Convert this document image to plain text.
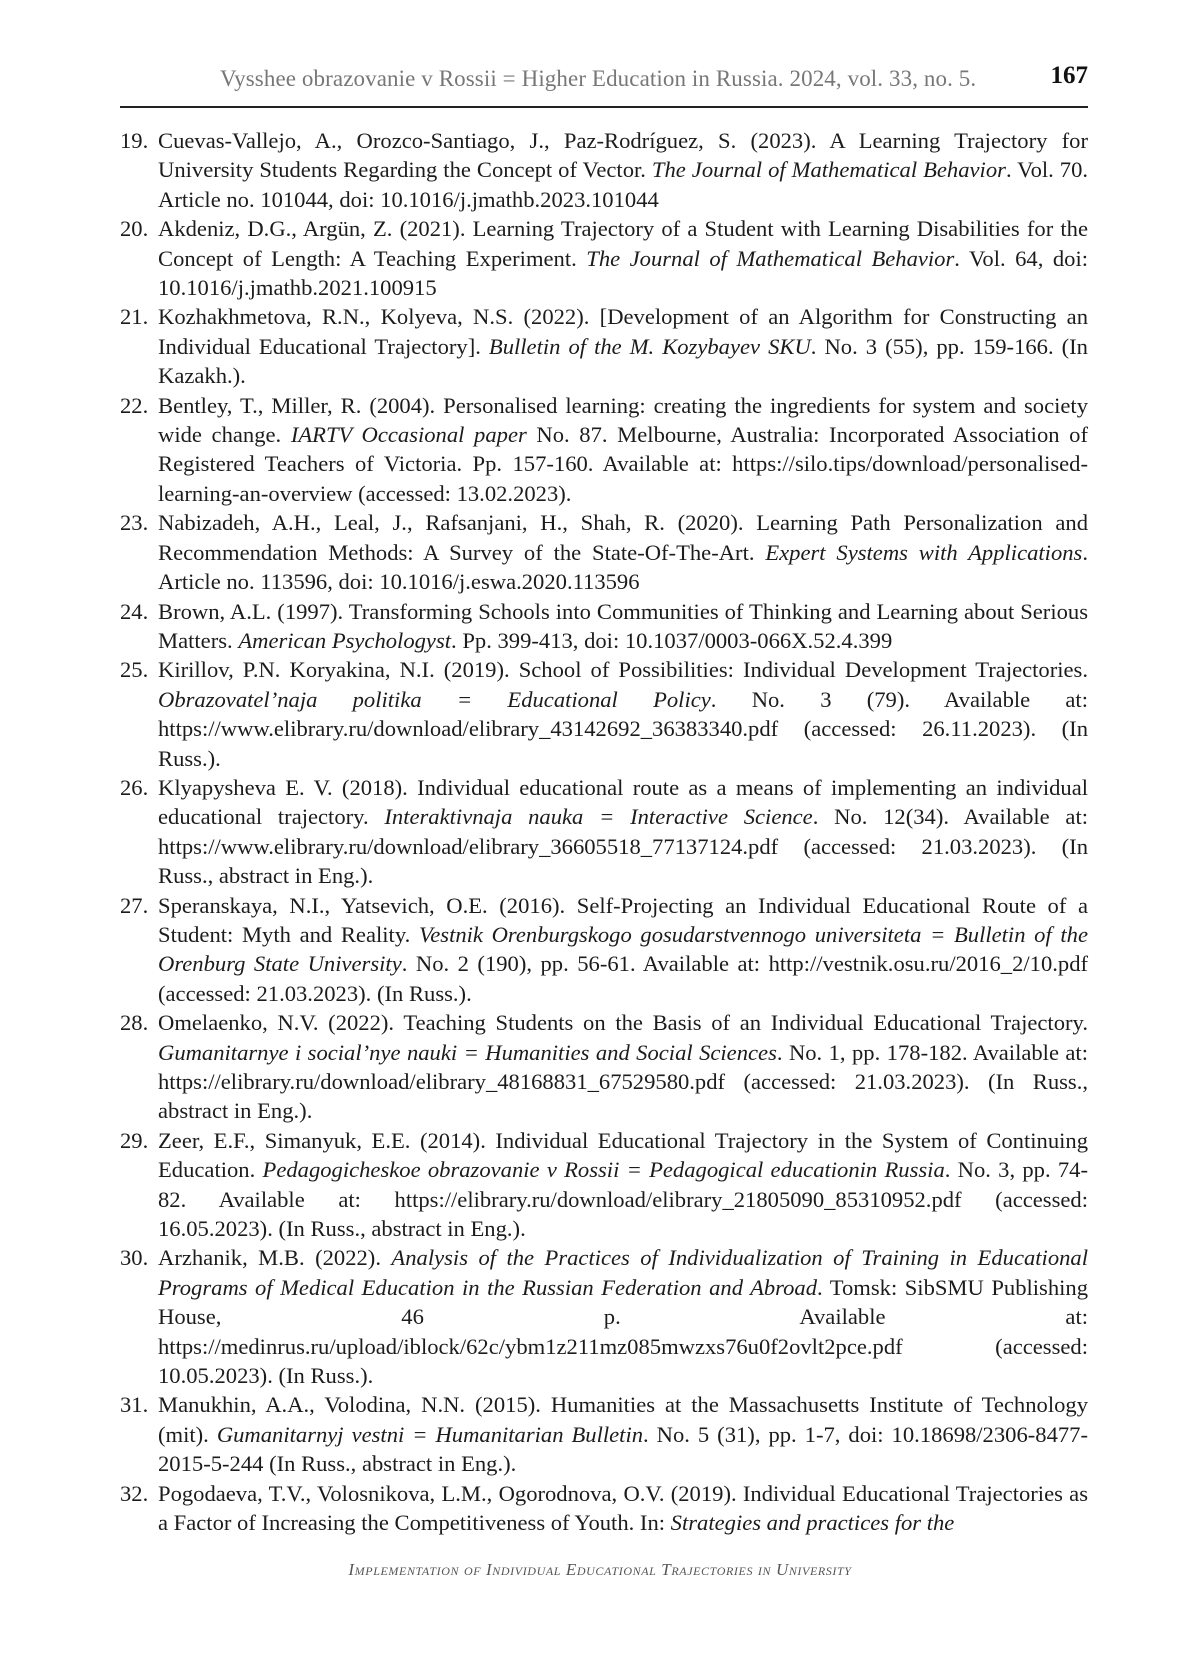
Vysshee obrazovanie v Rossii = Higher Education in Russia. 2024, vol. 33, no. 5.	167
19. Cuevas-Vallejo, A., Orozco-Santiago, J., Paz-Rodríguez, S. (2023). A Learning Trajectory for University Students Regarding the Concept of Vector. The Journal of Mathematical Behavior. Vol. 70. Article no. 101044, doi: 10.1016/j.jmathb.2023.101044
20. Akdeniz, D.G., Argün, Z. (2021). Learning Trajectory of a Student with Learning Disabilities for the Concept of Length: A Teaching Experiment. The Journal of Mathematical Behavior. Vol. 64, doi: 10.1016/j.jmathb.2021.100915
21. Kozhakhmetova, R.N., Kolyeva, N.S. (2022). [Development of an Algorithm for Constructing an Individual Educational Trajectory]. Bulletin of the M. Kozybayev SKU. No. 3 (55), pp. 159-166. (In Kazakh.).
22. Bentley, T., Miller, R. (2004). Personalised learning: creating the ingredients for system and society wide change. IARTV Occasional paper No. 87. Melbourne, Australia: Incorporated Association of Registered Teachers of Victoria. Pp. 157-160. Available at: https://silo.tips/download/personalised-learning-an-overview (accessed: 13.02.2023).
23. Nabizadeh, A.H., Leal, J., Rafsanjani, H., Shah, R. (2020). Learning Path Personalization and Recommendation Methods: A Survey of the State-Of-The-Art. Expert Systems with Applications. Article no. 113596, doi: 10.1016/j.eswa.2020.113596
24. Brown, A.L. (1997). Transforming Schools into Communities of Thinking and Learning about Serious Matters. American Psychologyst. Pp. 399-413, doi: 10.1037/0003-066X.52.4.399
25. Kirillov, P.N. Koryakina, N.I. (2019). School of Possibilities: Individual Development Trajectories. Obrazovatel’naja politika = Educational Policy. No. 3 (79). Available at: https://www.elibrary.ru/download/elibrary_43142692_36383340.pdf (accessed: 26.11.2023). (In Russ.).
26. Klyapysheva E. V. (2018). Individual educational route as a means of implementing an individual educational trajectory. Interaktivnaja nauka = Interactive Science. No. 12(34). Available at: https://www.elibrary.ru/download/elibrary_36605518_77137124.pdf (accessed: 21.03.2023). (In Russ., abstract in Eng.).
27. Speranskaya, N.I., Yatsevich, O.E. (2016). Self-Projecting an Individual Educational Route of a Student: Myth and Reality. Vestnik Orenburgskogo gosudarstvennogo universiteta = Bulletin of the Orenburg State University. No. 2 (190), pp. 56-61. Available at: http://vestnik.osu.ru/2016_2/10.pdf (accessed: 21.03.2023). (In Russ.).
28. Omelaenko, N.V. (2022). Teaching Students on the Basis of an Individual Educational Trajectory. Gumanitarnye i social’nye nauki = Humanities and Social Sciences. No. 1, pp. 178-182. Available at: https://elibrary.ru/download/elibrary_48168831_67529580.pdf (accessed: 21.03.2023). (In Russ., abstract in Eng.).
29. Zeer, E.F., Simanyuk, E.E. (2014). Individual Educational Trajectory in the System of Continuing Education. Pedagogicheskoe obrazovanie v Rossii = Pedagogical educationin Russia. No. 3, pp. 74-82. Available at: https://elibrary.ru/download/elibrary_21805090_85310952.pdf (accessed: 16.05.2023). (In Russ., abstract in Eng.).
30. Arzhanik, M.B. (2022). Analysis of the Practices of Individualization of Training in Educational Programs of Medical Education in the Russian Federation and Abroad. Tomsk: SibSMU Publishing House, 46 p. Available at: https://medinrus.ru/upload/iblock/62c/ybm1z211mz085mwzxs76u0f2ovlt2pce.pdf (accessed: 10.05.2023). (In Russ.).
31. Manukhin, A.A., Volodina, N.N. (2015). Humanities at the Massachusetts Institute of Technology (mit). Gumanitarnyj vestni = Humanitarian Bulletin. No. 5 (31), pp. 1-7, doi: 10.18698/2306-8477-2015-5-244 (In Russ., abstract in Eng.).
32. Pogodaeva, T.V., Volosnikova, L.M., Ogorodnova, O.V. (2019). Individual Educational Trajectories as a Factor of Increasing the Competitiveness of Youth. In: Strategies and practices for the
Implementation of Individual Educational Trajectories in University
